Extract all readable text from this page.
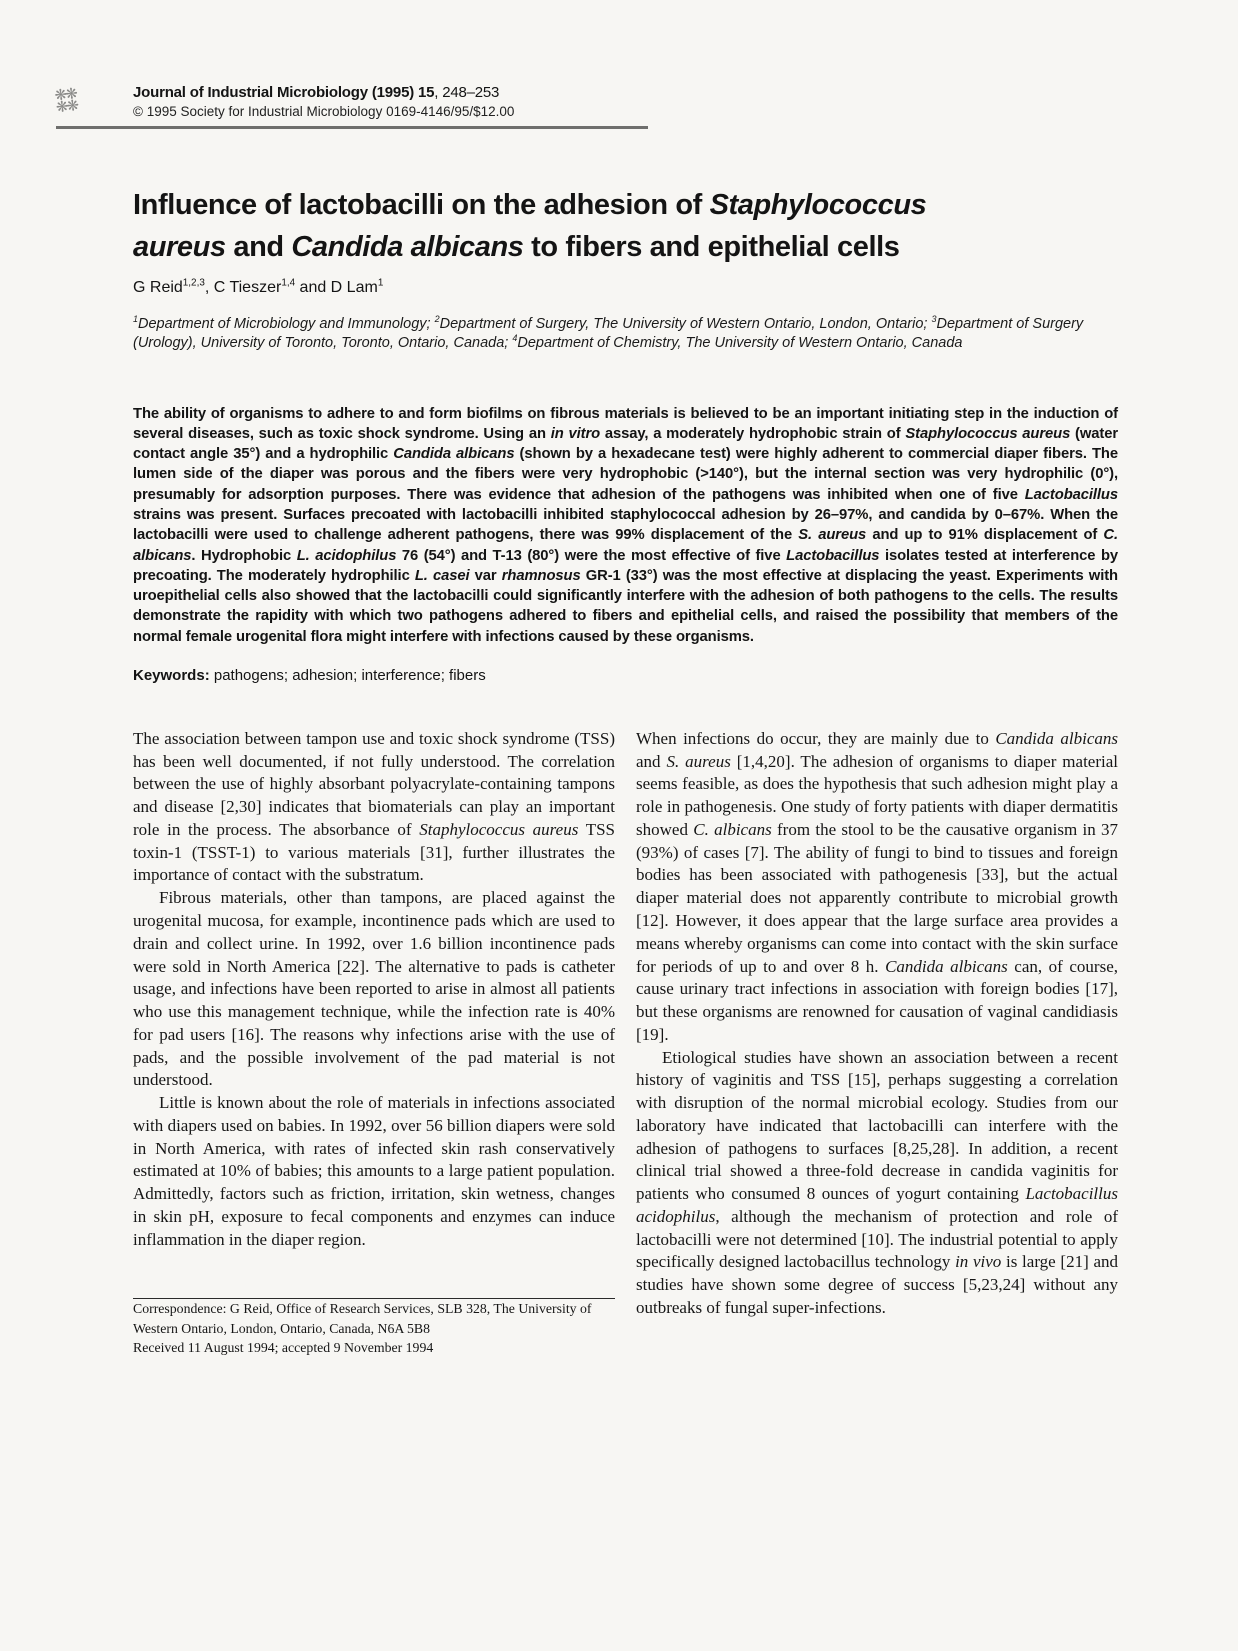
❋❋
❋❋
Journal of Industrial Microbiology (1995) 15, 248–253
© 1995 Society for Industrial Microbiology 0169-4146/95/$12.00
Influence of lactobacilli on the adhesion of Staphylococcus
aureus and Candida albicans to fibers and epithelial cells
G Reid$^{1,2,3}$, C Tieszer$^{1,4}$ and D Lam$^1$
$^1$Department of Microbiology and Immunology; $^2$Department of Surgery, The University of Western Ontario, London, Ontario; $^3$Department of Surgery (Urology), University of Toronto, Toronto, Ontario, Canada; $^4$Department of Chemistry, The University of Western Ontario, Canada

The ability of organisms to adhere to and form biofilms on fibrous materials is believed to be an important initiating step in the induction of several diseases, such as toxic shock syndrome. Using an in vitro assay, a moderately hydrophobic strain of Staphylococcus aureus (water contact angle 35°) and a hydrophilic Candida albicans (shown by a hexadecane test) were highly adherent to commercial diaper fibers. The lumen side of the diaper was porous and the fibers were very hydrophobic (>140°), but the internal section was very hydrophilic (0°), presumably for adsorption purposes. There was evidence that adhesion of the pathogens was inhibited when one of five Lactobacillus strains was present. Surfaces precoated with lactobacilli inhibited staphylococcal adhesion by 26–97%, and candida by 0–67%. When the lactobacilli were used to challenge adherent pathogens, there was 99% displacement of the S. aureus and up to 91% displacement of C. albicans. Hydrophobic L. acidophilus 76 (54°) and T-13 (80°) were the most effective of five Lactobacillus isolates tested at interference by precoating. The moderately hydrophilic L. casei var rhamnosus GR-1 (33°) was the most effective at displacing the yeast. Experiments with uroepithelial cells also showed that the lactobacilli could significantly interfere with the adhesion of both pathogens to the cells. The results demonstrate the rapidity with which two pathogens adhered to fibers and epithelial cells, and raised the possibility that members of the normal female urogenital flora might interfere with infections caused by these organisms.

Keywords: pathogens; adhesion; interference; fibers

The association between tampon use and toxic shock syndrome (TSS) has been well documented, if not fully understood. The correlation between the use of highly absorbant polyacrylate-containing tampons and disease [2,30] indicates that biomaterials can play an important role in the process. The absorbance of Staphylococcus aureus TSS toxin-1 (TSST-1) to various materials [31], further illustrates the importance of contact with the substratum.

Fibrous materials, other than tampons, are placed against the urogenital mucosa, for example, incontinence pads which are used to drain and collect urine. In 1992, over 1.6 billion incontinence pads were sold in North America [22]. The alternative to pads is catheter usage, and infections have been reported to arise in almost all patients who use this management technique, while the infection rate is 40% for pad users [16]. The reasons why infections arise with the use of pads, and the possible involvement of the pad material is not understood.

Little is known about the role of materials in infections associated with diapers used on babies. In 1992, over 56 billion diapers were sold in North America, with rates of infected skin rash conservatively estimated at 10% of babies; this amounts to a large patient population. Admittedly, factors such as friction, irritation, skin wetness, changes in skin pH, exposure to fecal components and enzymes can induce inflammation in the diaper region.

Correspondence: G Reid, Office of Research Services, SLB 328, The University of Western Ontario, London, Ontario, Canada, N6A 5B8
Received 11 August 1994; accepted 9 November 1994

When infections do occur, they are mainly due to Candida albicans and S. aureus [1,4,20]. The adhesion of organisms to diaper material seems feasible, as does the hypothesis that such adhesion might play a role in pathogenesis. One study of forty patients with diaper dermatitis showed C. albicans from the stool to be the causative organism in 37 (93%) of cases [7]. The ability of fungi to bind to tissues and foreign bodies has been associated with pathogenesis [33], but the actual diaper material does not apparently contribute to microbial growth [12]. However, it does appear that the large surface area provides a means whereby organisms can come into contact with the skin surface for periods of up to and over 8 h. Candida albicans can, of course, cause urinary tract infections in association with foreign bodies [17], but these organisms are renowned for causation of vaginal candidiasis [19].

Etiological studies have shown an association between a recent history of vaginitis and TSS [15], perhaps suggesting a correlation with disruption of the normal microbial ecology. Studies from our laboratory have indicated that lactobacilli can interfere with the adhesion of pathogens to surfaces [8,25,28]. In addition, a recent clinical trial showed a three-fold decrease in candida vaginitis for patients who consumed 8 ounces of yogurt containing Lactobacillus acidophilus, although the mechanism of protection and role of lactobacilli were not determined [10]. The industrial potential to apply specifically designed lactobacillus technology in vivo is large [21] and studies have shown some degree of success [5,23,24] without any outbreaks of fungal super-infections.
